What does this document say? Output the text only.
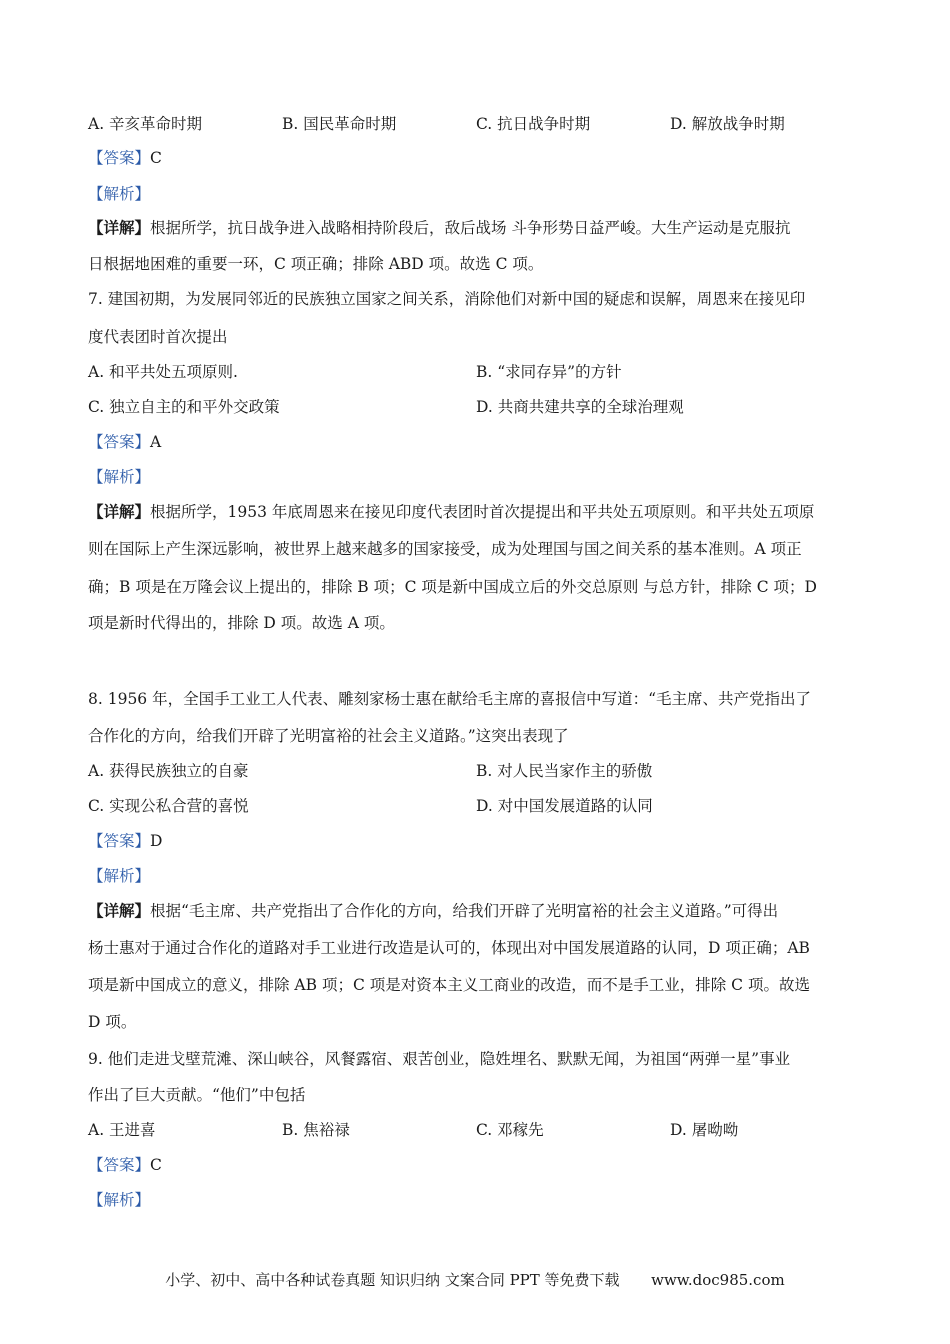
A. 辛亥革命时期	B. 国民革命时期	C. 抗日战争时期	D. 解放战争时期
【答案】C
【解析】
【详解】根据所学，抗日战争进入战略相持阶段后，敌后战场 斗争形势日益严峻。大生产运动是克服抗
日根据地困难的重要一环，C 项正确；排除 ABD 项。故选 C 项。
7. 建国初期，为发展同邻近的民族独立国家之间关系，消除他们对新中国的疑虑和误解，周恩来在接见印
度代表团时首次提出
A. 和平共处五项原则.	B. “求同存异”的方针
C. 独立自主的和平外交政策	D. 共商共建共享的全球治理观
【答案】A
【解析】
【详解】根据所学，1953 年底周恩来在接见印度代表团时首次提提出和平共处五项原则。和平共处五项原
则在国际上产生深远影响，被世界上越来越多的国家接受，成为处理国与国之间关系的基本准则。A 项正
确；B 项是在万隆会议上提出的，排除 B 项；C 项是新中国成立后的外交总原则 与总方针，排除 C 项；D
项是新时代得出的，排除 D 项。故选 A 项。
8. 1956 年，全国手工业工人代表、雕刻家杨士惠在献给毛主席的喜报信中写道：“毛主席、共产党指出了
合作化的方向，给我们开辟了光明富裕的社会主义道路。”这突出表现了
A. 获得民族独立的自豪	B. 对人民当家作主的骄傲
C. 实现公私合营的喜悦	D. 对中国发展道路的认同
【答案】D
【解析】
【详解】根据“毛主席、共产党指出了合作化的方向，给我们开辟了光明富裕的社会主义道路。”可得出
杨士惠对于通过合作化的道路对手工业进行改造是认可的，体现出对中国发展道路的认同，D 项正确；AB
项是新中国成立的意义，排除 AB 项；C 项是对资本主义工商业的改造，而不是手工业，排除 C 项。故选
D 项。
9. 他们走进戈壁荒滩、深山峡谷，风餐露宿、艰苦创业，隐姓埋名、默默无闻，为祖国“两弹一星”事业
作出了巨大贡献。“他们”中包括
A. 王进喜	B. 焦裕禄	C. 邓稼先	D. 屠呦呦
【答案】C
【解析】
小学、初中、高中各种试卷真题 知识归纳 文案合同 PPT 等免费下载 www.doc985.com
